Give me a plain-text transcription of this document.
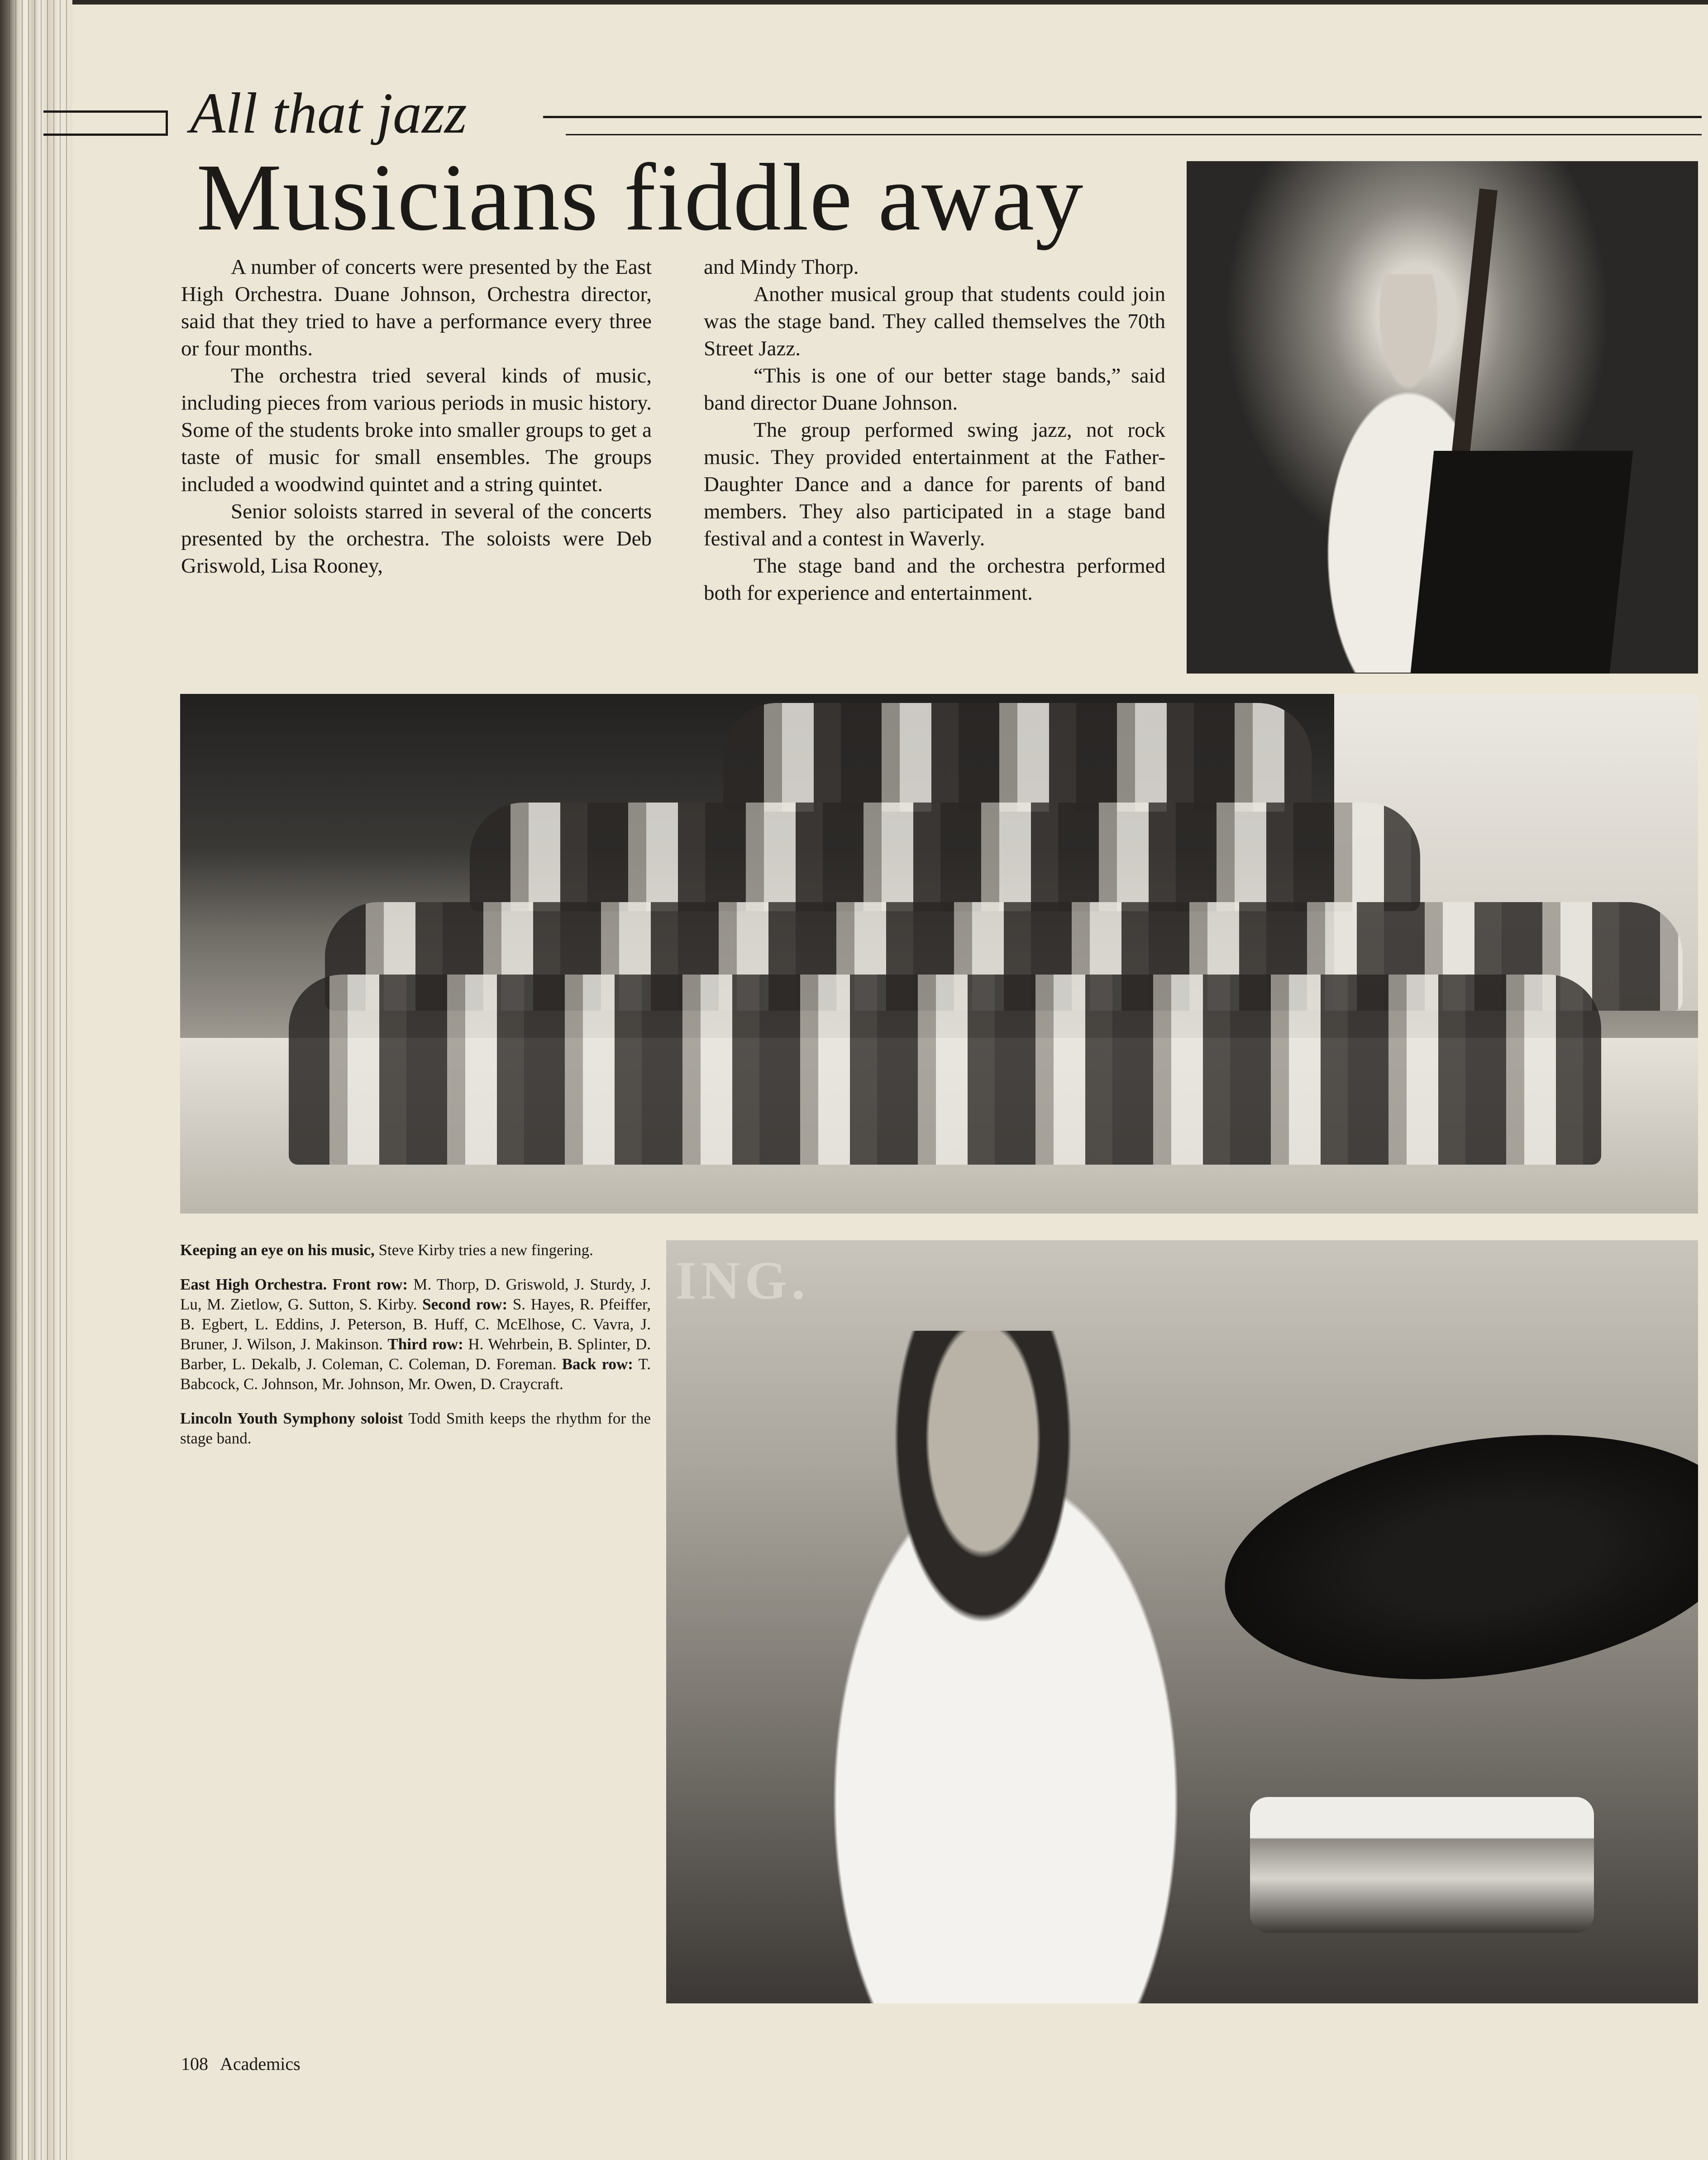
All that jazz
Musicians fiddle away

A number of concerts were presented by the East High Orchestra. Duane Johnson, Orchestra director, said that they tried to have a performance every three or four months.

The orchestra tried several kinds of music, including pieces from various periods in music history. Some of the students broke into smaller groups to get a taste of music for small ensembles. The groups included a woodwind quintet and a string quintet.

Senior soloists starred in several of the concerts presented by the orchestra. The soloists were Deb Griswold, Lisa Rooney,

and Mindy Thorp.

Another musical group that students could join was the stage band. They called themselves the 70th Street Jazz.

“This is one of our better stage bands,” said band director Duane Johnson.

The group performed swing jazz, not rock music. They provided entertainment at the Father-Daughter Dance and a dance for parents of band members. They also participated in a stage band festival and a contest in Waverly.

The stage band and the orchestra performed both for experience and entertainment.

ING.

Keeping an eye on his music, Steve Kirby tries a new fingering.

East High Orchestra. Front row: M. Thorp, D. Griswold, J. Sturdy, J. Lu, M. Zietlow, G. Sutton, S. Kirby. Second row: S. Hayes, R. Pfeiffer, B. Egbert, L. Eddins, J. Peterson, B. Huff, C. McElhose, C. Vavra, J. Bruner, J. Wilson, J. Makinson. Third row: H. Wehrbein, B. Splinter, D. Barber, L. Dekalb, J. Coleman, C. Coleman, D. Foreman. Back row: T. Babcock, C. Johnson, Mr. Johnson, Mr. Owen, D. Craycraft.

Lincoln Youth Symphony soloist Todd Smith keeps the rhythm for the stage band.

108 Academics
